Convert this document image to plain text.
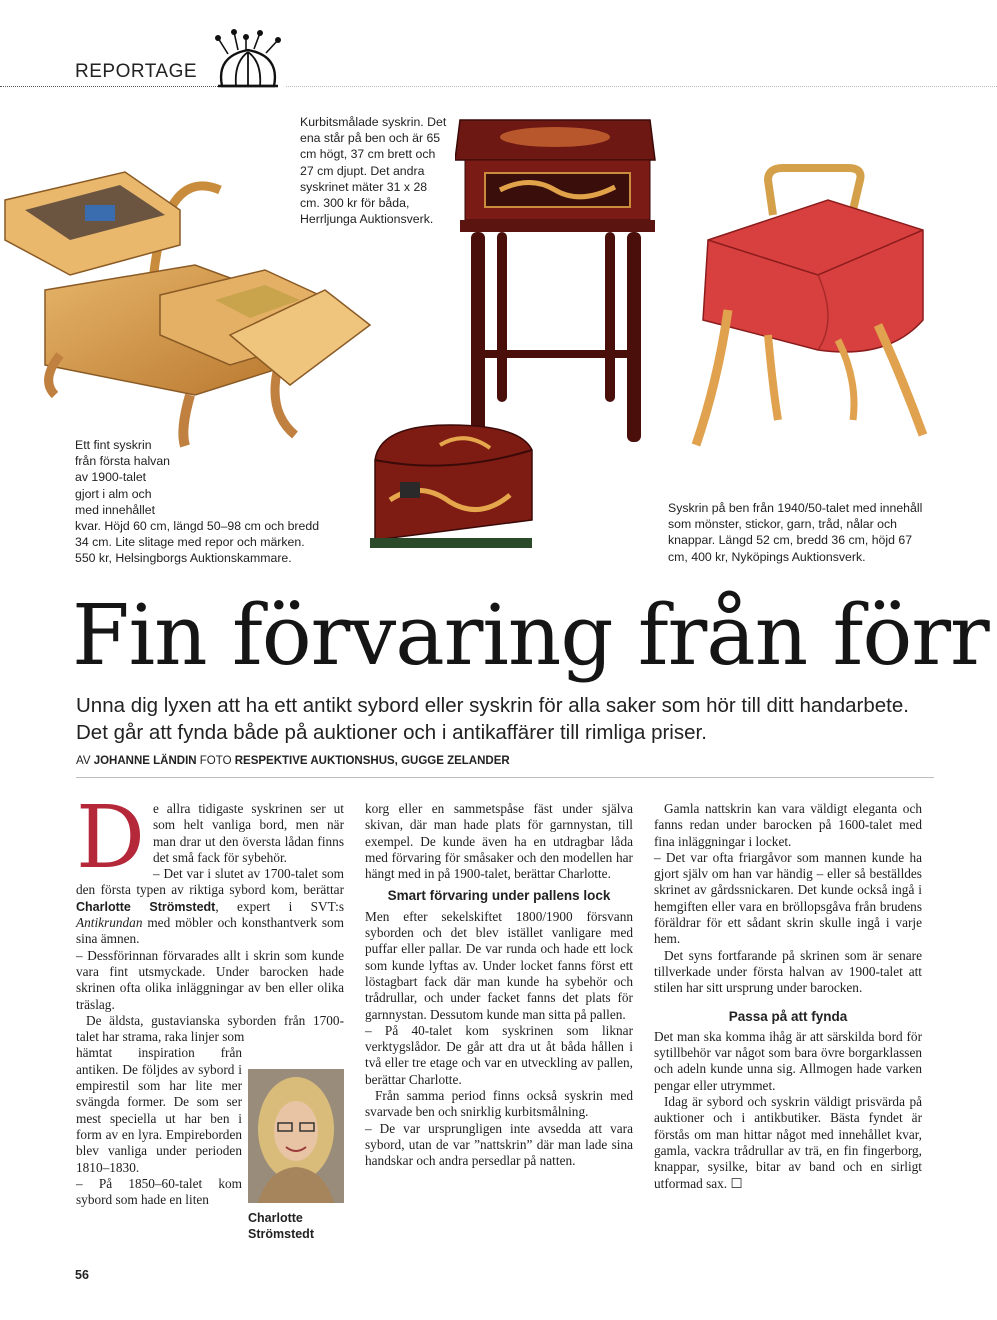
REPORTAGE
Kurbitsmålade syskrin. Det ena står på ben och är 65 cm högt, 37 cm brett och 27 cm djupt. Det andra syskrinet mäter 31 x 28 cm. 300 kr för båda, Herrljunga Auktionsverk.
Ett fint syskrin
från första halvan
av 1900-talet
gjort i alm och
med innehållet
kvar. Höjd 60 cm, längd 50–98 cm och bredd
34 cm. Lite slitage med repor och märken.
550 kr, Helsingborgs Auktionskammare.
Syskrin på ben från 1940/50-talet med innehåll som mönster, stickor, garn, tråd, nålar och knappar. Längd 52 cm, bredd 36 cm, höjd 67 cm, 400 kr, Nyköpings Auktionsverk.
Fin förvaring från förr
Unna dig lyxen att ha ett antikt sybord eller syskrin för alla saker som hör till ditt handarbete. Det går att fynda både på auktioner och i antikaffärer till rimliga priser.
AV JOHANNE LÄNDIN FOTO RESPEKTIVE AUKTIONSHUS, GUGGE ZELANDER
D e allra tidigaste syskrinen ser ut som helt vanliga bord, men när man drar ut den översta lådan finns det små fack för sybehör.

– Det var i slutet av 1700-talet som den första typen av riktiga sybord kom, berättar Charlotte Strömstedt, expert i SVT:s Antikrundan med möbler och konsthantverk som sina ämnen.

– Dessförinnan förvarades allt i skrin som kunde vara fint utsmyckade. Under barocken hade skrinen ofta olika inläggningar av ben eller olika träslag.

De äldsta, gustavianska syborden från 1700-talet har strama, raka linjer som

hämtat inspiration från antiken. De följdes av sybord i empirestil som har lite mer svängda former. De som ser mest speciella ut har ben i form av en lyra. Empireborden blev vanliga under perioden 1810–1830.

– På 1850–60-talet kom sybord som hade en liten

Charlotte Strömstedt

korg eller en sammetspåse fäst under själva skivan, där man hade plats för garnnystan, till exempel. De kunde även ha en utdragbar låda med förvaring för småsaker och den modellen har hängt med in på 1900-talet, berättar Charlotte.

Smart förvaring under pallens lock

Men efter sekelskiftet 1800/1900 försvann syborden och det blev istället vanligare med puffar eller pallar. De var runda och hade ett lock som kunde lyftas av. Under locket fanns först ett löstagbart fack där man kunde ha sybehör och trådrullar, och under facket fanns det plats för garnnystan. Dessutom kunde man sitta på pallen.

– På 40-talet kom syskrinen som liknar verktygslådor. De går att dra ut åt båda hållen i två eller tre etage och var en utveckling av pallen, berättar Charlotte.

Från samma period finns också syskrin med svarvade ben och snirklig kurbitsmålning.

– De var ursprungligen inte avsedda att vara sybord, utan de var ”nattskrin” där man lade sina handskar och andra persedlar på natten.

Gamla nattskrin kan vara väldigt eleganta och fanns redan under barocken på 1600-talet med fina inläggningar i locket.

– Det var ofta friargåvor som mannen kunde ha gjort själv om han var händig – eller så beställdes skrinet av gårdssnickaren. Det kunde också ingå i hemgiften eller vara en bröllopsgåva från brudens föräldrar för ett sådant skrin skulle ingå i varje hem.

Det syns fortfarande på skrinen som är senare tillverkade under första halvan av 1900-talet att stilen har sitt ursprung under barocken.

Passa på att fynda

Det man ska komma ihåg är att särskilda bord för sytillbehör var något som bara övre borgarklassen och adeln kunde unna sig. Allmogen hade varken pengar eller utrymmet.

Idag är sybord och syskrin väldigt prisvärda på auktioner och i antikbutiker. Bästa fyndet är förstås om man hittar något med innehållet kvar, gamla, vackra trådrullar av trä, en fin fingerborg, knappar, sysilke, bitar av band och en sirligt utformad sax. ☐

56
